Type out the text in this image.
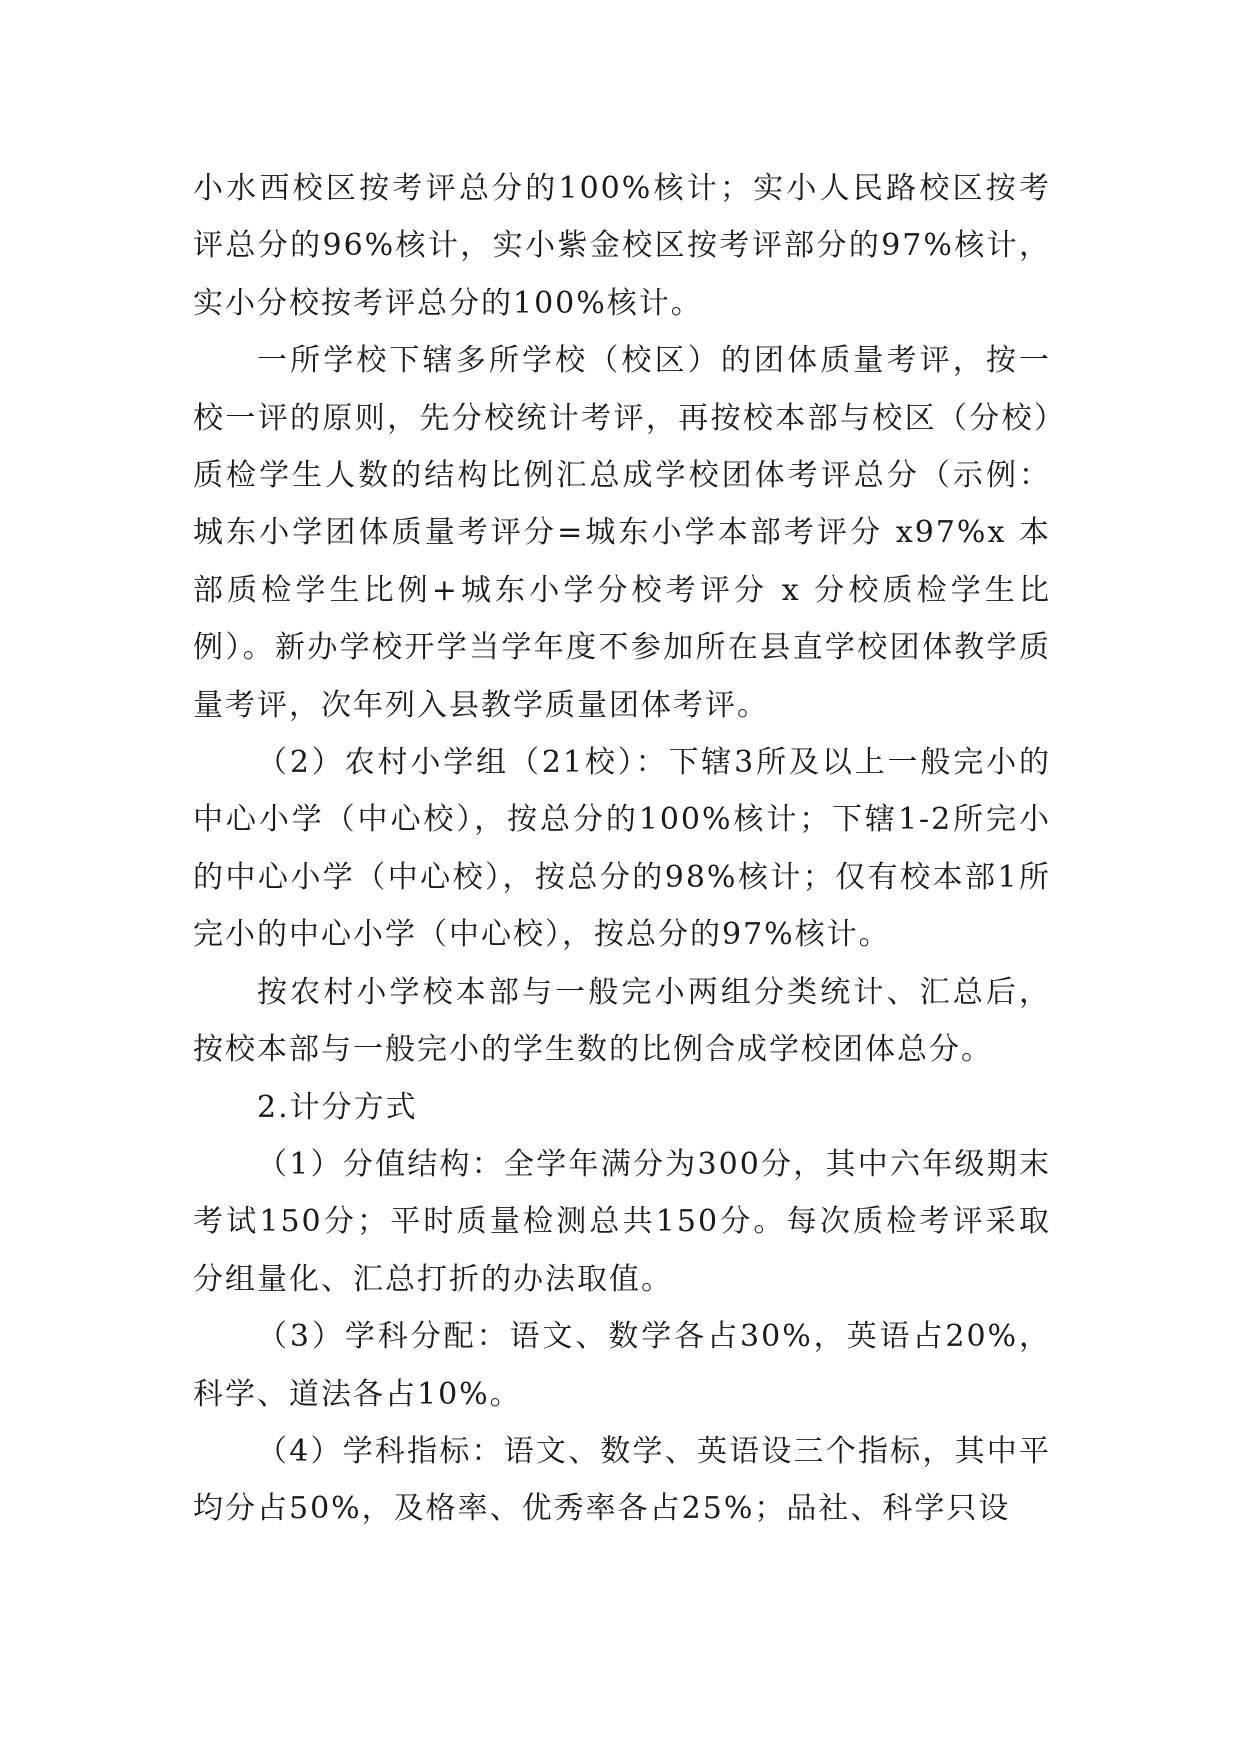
小水西校区按考评总分的100%核计；实小人民路校区按考评总分的96%核计，实小紫金校区按考评部分的97%核计，实小分校按考评总分的100%核计。

一所学校下辖多所学校（校区）的团体质量考评，按一校一评的原则，先分校统计考评，再按校本部与校区（分校）质检学生人数的结构比例汇总成学校团体考评总分（示例：城东小学团体质量考评分=城东小学本部考评分 x97%x 本部质检学生比例+城东小学分校考评分 x 分校质检学生比例）。新办学校开学当学年度不参加所在县直学校团体教学质量考评，次年列入县教学质量团体考评。

（2）农村小学组（21校）：下辖3所及以上一般完小的中心小学（中心校），按总分的100%核计；下辖1-2所完小的中心小学（中心校），按总分的98%核计；仅有校本部1所完小的中心小学（中心校），按总分的97%核计。

按农村小学校本部与一般完小两组分类统计、汇总后，按校本部与一般完小的学生数的比例合成学校团体总分。

2.计分方式

（1）分值结构：全学年满分为300分，其中六年级期末考试150分；平时质量检测总共150分。每次质检考评采取分组量化、汇总打折的办法取值。

（3）学科分配：语文、数学各占30%，英语占20%，科学、道法各占10%。

（4）学科指标：语文、数学、英语设三个指标，其中平均分占50%，及格率、优秀率各占25%；品社、科学只设
